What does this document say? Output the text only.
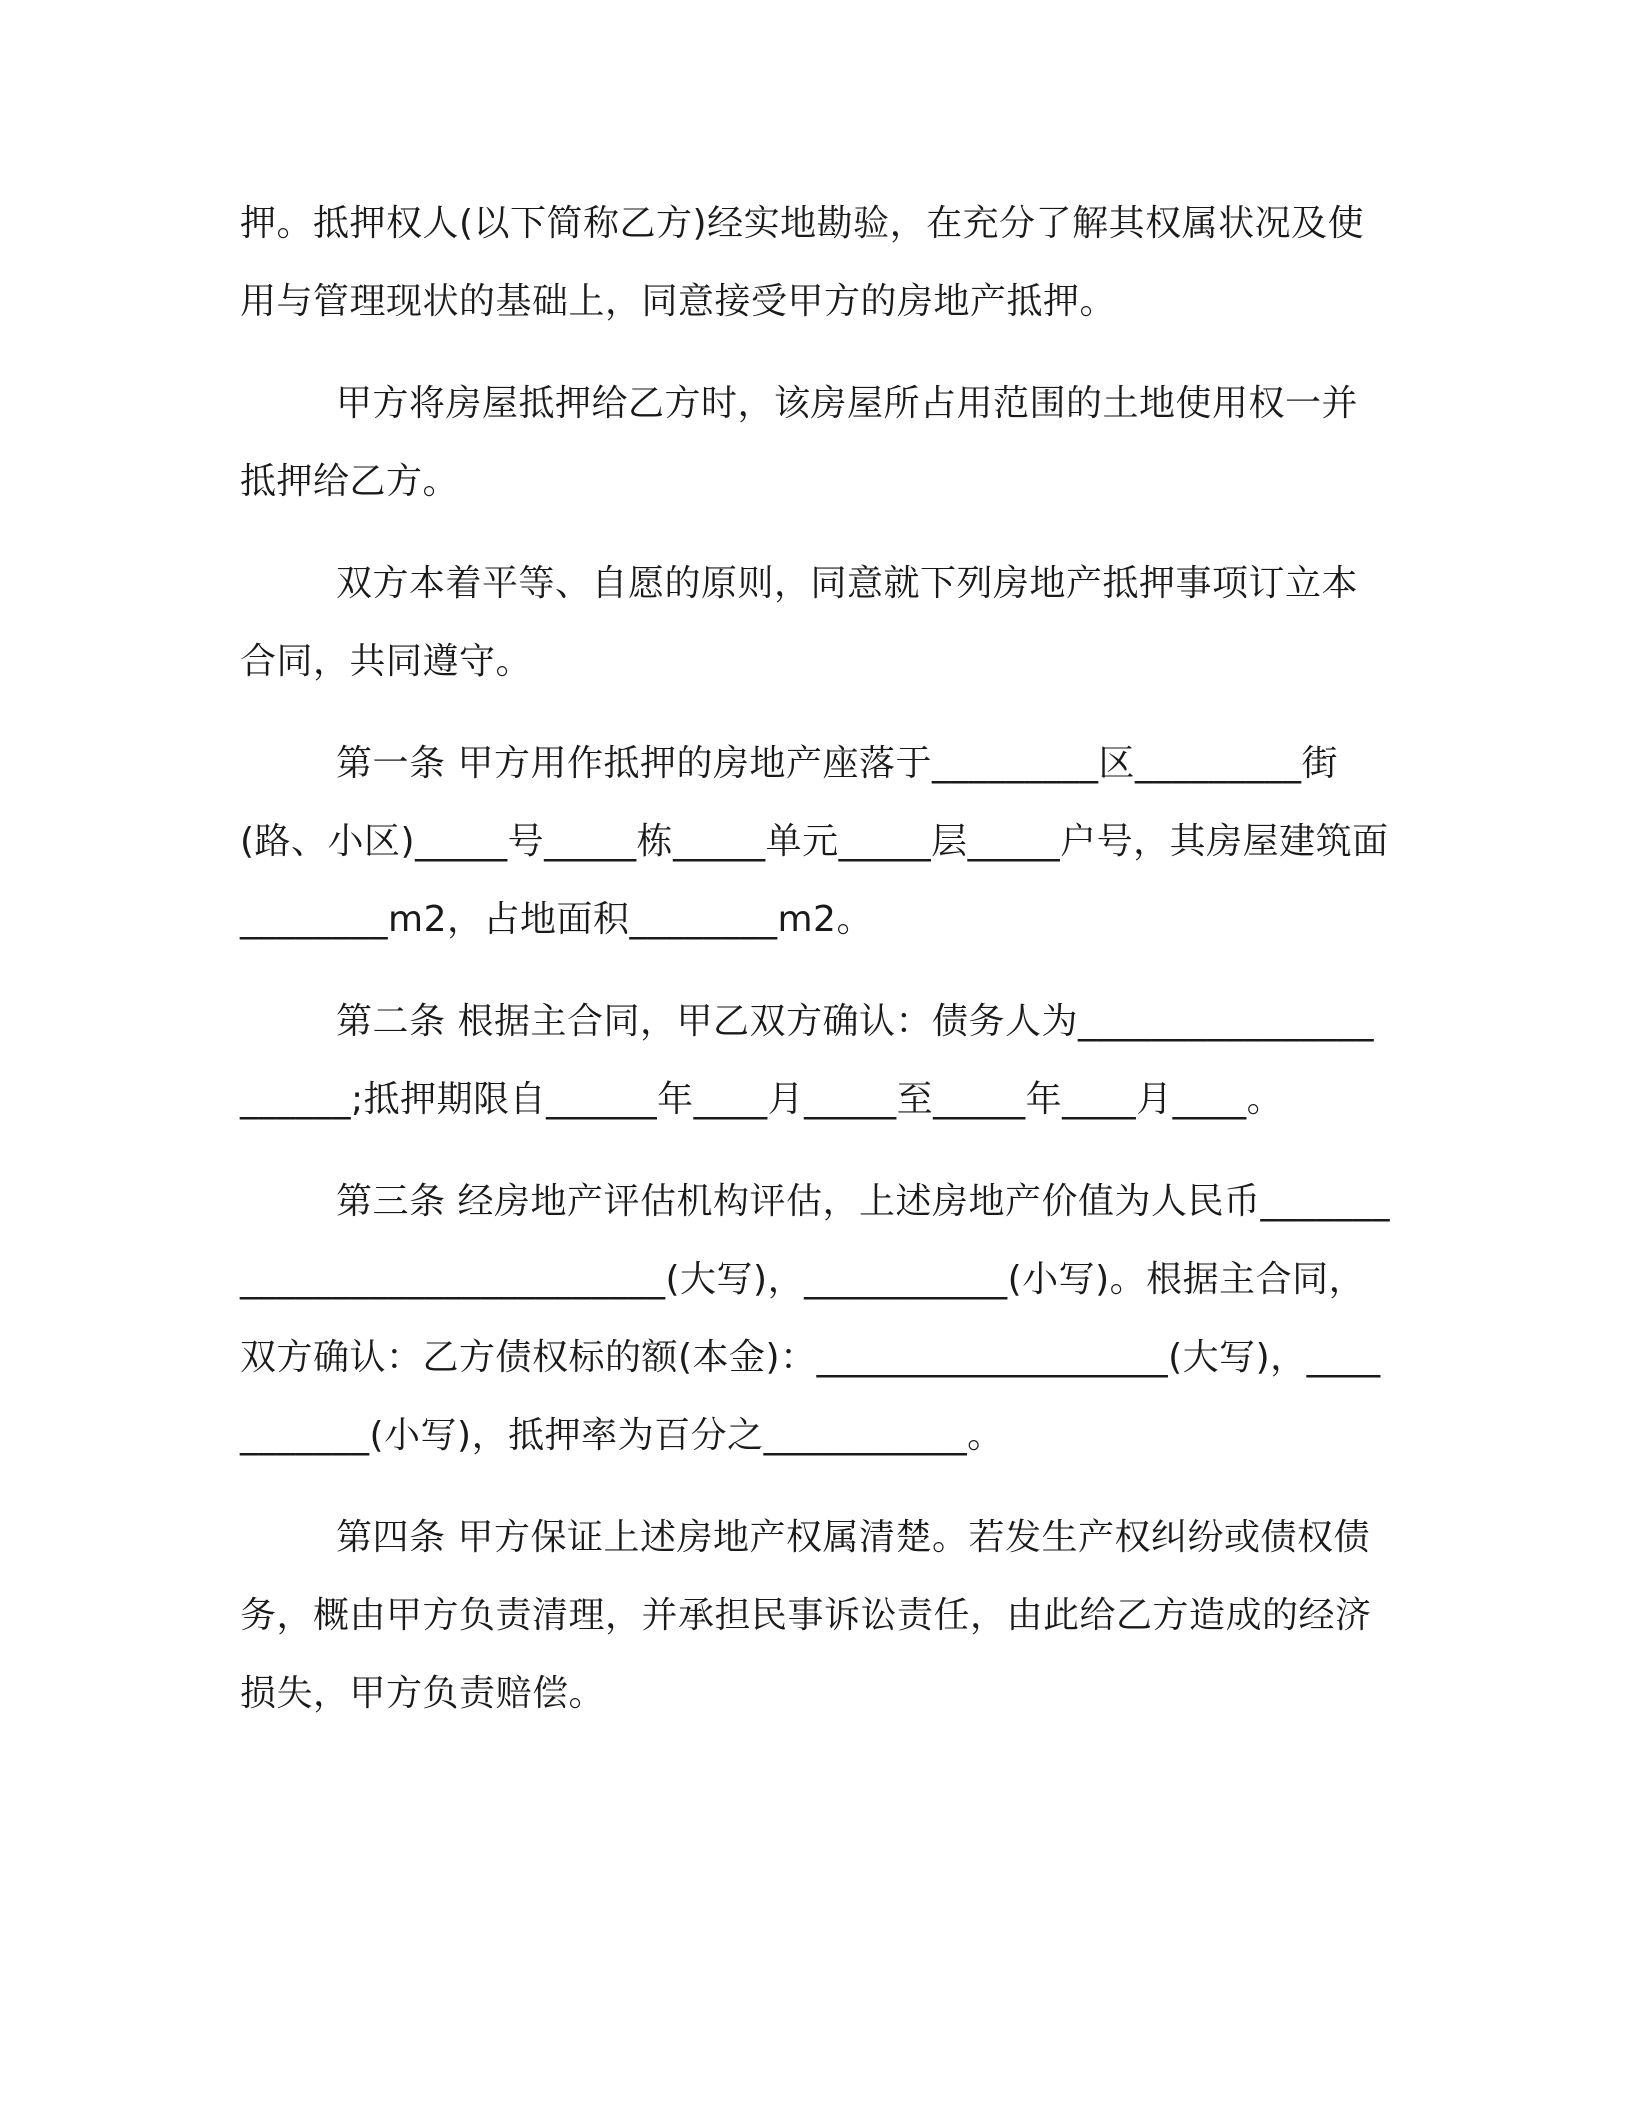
押。抵押权人(以下简称乙方)经实地勘验，在充分了解其权属状况及使用与管理现状的基础上，同意接受甲方的房地产抵押。

甲方将房屋抵押给乙方时，该房屋所占用范围的土地使用权一并抵押给乙方。

双方本着平等、自愿的原则，同意就下列房地产抵押事项订立本合同，共同遵守。

第一条 甲方用作抵押的房地产座落于_________区_________街(路、小区)_____号_____栋_____单元_____层_____户号，其房屋建筑面________m2，占地面积________m2。

第二条 根据主合同，甲乙双方确认：债务人为______________________;抵押期限自______年____月_____至_____年____月____。

第三条 经房地产评估机构评估，上述房地产价值为人民币______________________________(大写)，___________(小写)。根据主合同，双方确认：乙方债权标的额(本金)：___________________(大写)，___________(小写)，抵押率为百分之___________。

第四条 甲方保证上述房地产权属清楚。若发生产权纠纷或债权债务，概由甲方负责清理，并承担民事诉讼责任，由此给乙方造成的经济损失，甲方负责赔偿。
